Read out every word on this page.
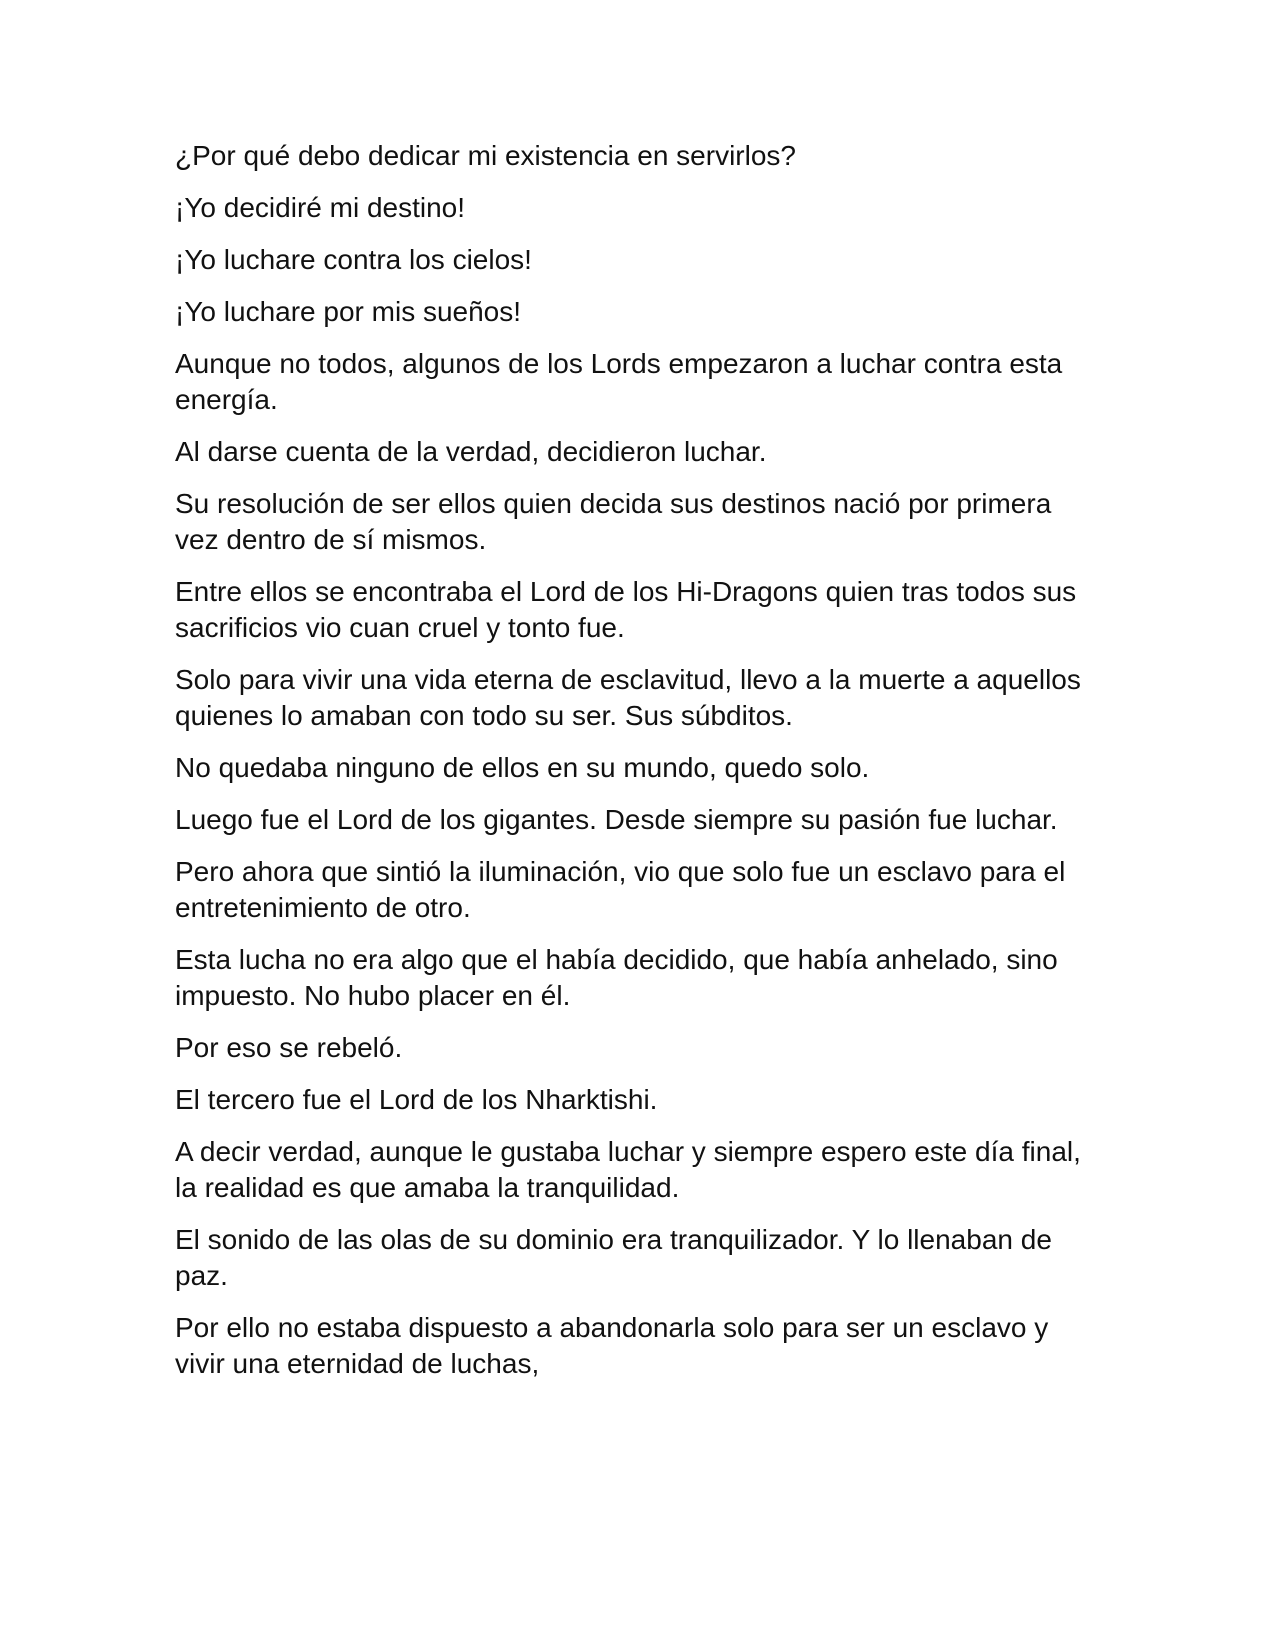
¿Por qué debo dedicar mi existencia en servirlos?

¡Yo decidiré mi destino!

¡Yo luchare contra los cielos!

¡Yo luchare por mis sueños!

Aunque no todos, algunos de los Lords empezaron a luchar contra esta energía.

Al darse cuenta de la verdad, decidieron luchar.

Su resolución de ser ellos quien decida sus destinos nació por primera vez dentro de sí mismos.

Entre ellos se encontraba el Lord de los Hi-Dragons quien tras todos sus sacrificios vio cuan cruel y tonto fue.

Solo para vivir una vida eterna de esclavitud, llevo a la muerte a aquellos quienes lo amaban con todo su ser. Sus súbditos.

No quedaba ninguno de ellos en su mundo, quedo solo.

Luego fue el Lord de los gigantes. Desde siempre su pasión fue luchar.

Pero ahora que sintió la iluminación, vio que solo fue un esclavo para el entretenimiento de otro.

Esta lucha no era algo que el había decidido, que había anhelado, sino impuesto. No hubo placer en él.

Por eso se rebeló.

El tercero fue el Lord de los Nharktishi.

A decir verdad, aunque le gustaba luchar y siempre espero este día final, la realidad es que amaba la tranquilidad.

El sonido de las olas de su dominio era tranquilizador. Y lo llenaban de paz.

Por ello no estaba dispuesto a abandonarla solo para ser un esclavo y vivir una eternidad de luchas,
